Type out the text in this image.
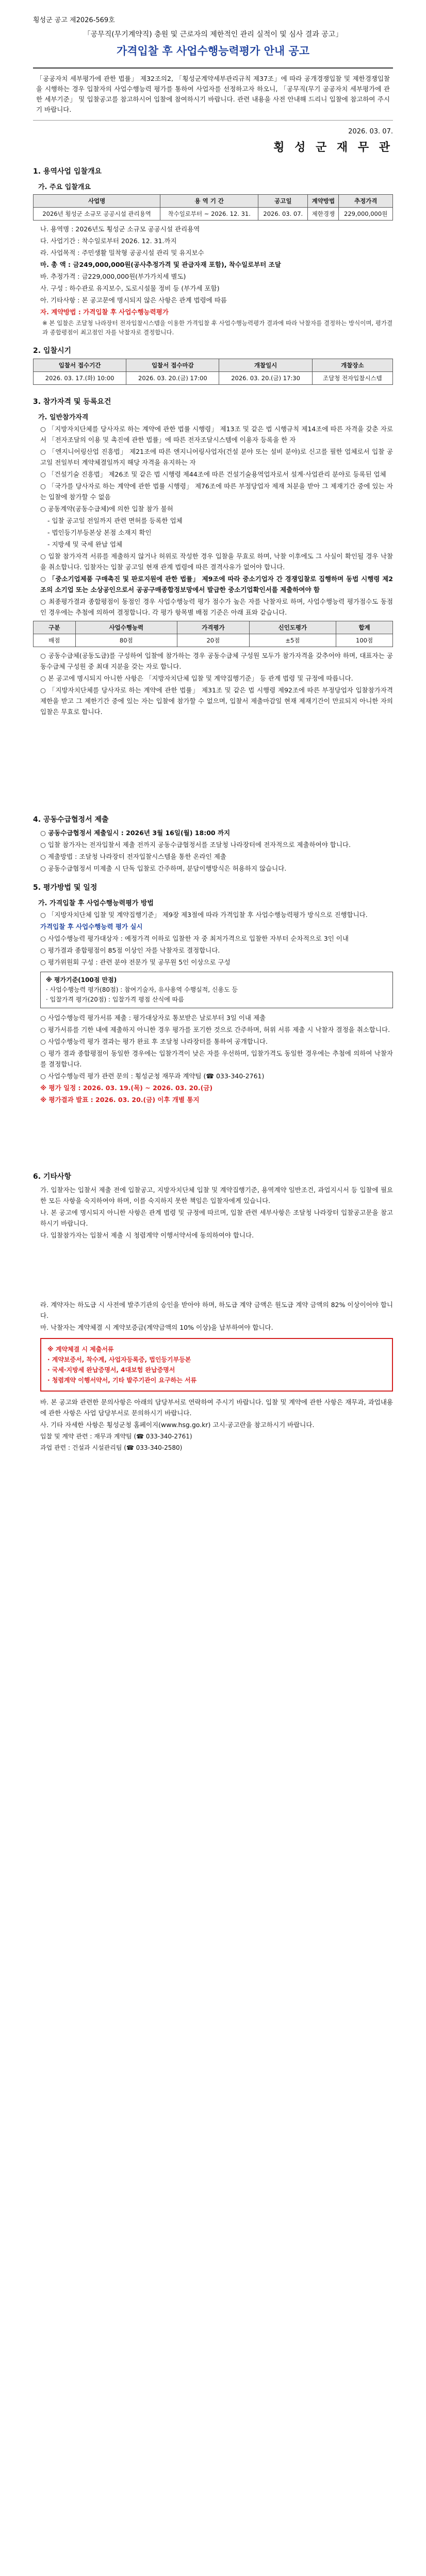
횡성군 공고 제2026-569호

「공무직(무기계약직) 충원 및 근로자의 제한적인 관리 실적이 및 심사 결과 공고」

가격입찰 후 사업수행능력평가 안내 공고
「공공자치 세부평가에 관한 법률」 제32조의2, 「횡성군계약세부관리규칙 제37조」에 따라 공개경쟁입찰 및 제한경쟁입찰을 시행하는 경우 입찰자의 사업수행능력 평가를 통하여 사업자를 선정하고자 하오니, 「공무직(무기 공공자치 세부평가에 관한 세부기준」 및 입찰공고를 참고하시어 입찰에 참여하시기 바랍니다. 관련 내용을 사전 안내해 드리니 입찰에 참고하여 주시기 바랍니다.
2026. 03. 07.
횡 성 군 재 무 관
1. 용역사업 입찰개요
가. 주요 입찰개요
사업명	용 역 기 간	공고일	계약방법	추정가격
2026년 횡성군 소규모 공공시설 관리용역	착수일로부터 ~ 2026. 12. 31.	2026. 03. 07.	제한경쟁	229,000,000원
나. 용역명 : 2026년도 횡성군 소규모 공공시설 관리용역
다. 사업기간 : 착수일로부터 2026. 12. 31.까지
라. 사업목적 : 주민생활 밀착형 공공시설 관리 및 유지보수
마. 총 액 : 금249,000,000원(공사추정가격 및 관급자재 포함), 착수일로부터 조달
바. 추정가격 : 금229,000,000원(부가가치세 별도)
사. 구성 : 하수관로 유지보수, 도로시설물 정비 등 (부가세 포함)
아. 기타사항 : 본 공고문에 명시되지 않은 사항은 관계 법령에 따름
자. 계약방법 : 가격입찰 후 사업수행능력평가
※ 본 입찰은 조달청 나라장터 전자입찰시스템을 이용한 가격입찰 후 사업수행능력평가 결과에 따라 낙찰자를 결정하는 방식이며, 평가결과 종합평점이 최고점인 자를 낙찰자로 결정합니다.
2. 입찰시기
입찰서 접수기간	입찰서 접수마감	개찰일시	개찰장소
2026. 03. 17.(화) 10:00	2026. 03. 20.(금) 17:00	2026. 03. 20.(금) 17:30	조달청 전자입찰시스템
3. 참가자격 및 등록요건
가. 일반참가자격
○ 「지방자치단체를 당사자로 하는 계약에 관한 법률 시행령」 제13조 및 같은 법 시행규칙 제14조에 따른 자격을 갖춘 자로서 「전자조달의 이용 및 촉진에 관한 법률」에 따른 전자조달시스템에 이용자 등록을 한 자
○ 「엔지니어링산업 진흥법」 제21조에 따른 엔지니어링사업자(건설 분야 또는 설비 분야)로 신고를 필한 업체로서 입찰 공고일 전일부터 계약체결일까지 해당 자격을 유지하는 자
○ 「건설기술 진흥법」 제26조 및 같은 법 시행령 제44조에 따른 건설기술용역업자로서 설계·사업관리 분야로 등록된 업체
○ 「국가를 당사자로 하는 계약에 관한 법률 시행령」 제76조에 따른 부정당업자 제재 처분을 받아 그 제재기간 중에 있는 자는 입찰에 참가할 수 없음
○ 공동계약(공동수급체)에 의한 입찰 참가 불허
- 입찰 공고일 전일까지 관련 면허를 등록한 업체
- 법인등기부등본상 본점 소재지 확인
- 지방세 및 국세 완납 업체
○ 입찰 참가자격 서류를 제출하지 않거나 허위로 작성한 경우 입찰을 무효로 하며, 낙찰 이후에도 그 사실이 확인될 경우 낙찰을 취소합니다. 입찰자는 입찰 공고일 현재 관계 법령에 따른 결격사유가 없어야 합니다.
○ 「중소기업제품 구매촉진 및 판로지원에 관한 법률」 제9조에 따라 중소기업자 간 경쟁입찰로 집행하며 동법 시행령 제2조의 소기업 또는 소상공인으로서 공공구매종합정보망에서 발급한 중소기업확인서를 제출하여야 함
○ 최종평가결과 종합평점이 동점인 경우 사업수행능력 평가 점수가 높은 자를 낙찰자로 하며, 사업수행능력 평가점수도 동점인 경우에는 추첨에 의하여 결정합니다. 각 평가 항목별 배점 기준은 아래 표와 같습니다.
구분	사업수행능력	가격평가	신인도평가	합계
배점	80점	20점	±5점	100점
○ 공동수급체(공동도급)를 구성하여 입찰에 참가하는 경우 공동수급체 구성원 모두가 참가자격을 갖추어야 하며, 대표자는 공동수급체 구성원 중 최대 지분을 갖는 자로 합니다.
○ 본 공고에 명시되지 아니한 사항은 「지방자치단체 입찰 및 계약집행기준」 등 관계 법령 및 규정에 따릅니다.
○ 「지방자치단체를 당사자로 하는 계약에 관한 법률」 제31조 및 같은 법 시행령 제92조에 따른 부정당업자 입찰참가자격 제한을 받고 그 제한기간 중에 있는 자는 입찰에 참가할 수 없으며, 입찰서 제출마감일 현재 제재기간이 만료되지 아니한 자의 입찰은 무효로 합니다.
4. 공동수급협정서 제출
○ 공동수급협정서 제출일시 : 2026년 3월 16일(월) 18:00 까지
○ 입찰 참가자는 전자입찰서 제출 전까지 공동수급협정서를 조달청 나라장터에 전자적으로 제출하여야 합니다.
○ 제출방법 : 조달청 나라장터 전자입찰시스템을 통한 온라인 제출
○ 공동수급협정서 미제출 시 단독 입찰로 간주하며, 분담이행방식은 허용하지 않습니다.
5. 평가방법 및 일정
가. 가격입찰 후 사업수행능력평가 방법
○ 「지방자치단체 입찰 및 계약집행기준」 제9장 제3절에 따라 가격입찰 후 사업수행능력평가 방식으로 진행합니다.
가격입찰 후 사업수행능력 평가 실시
○ 사업수행능력 평가대상자 : 예정가격 이하로 입찰한 자 중 최저가격으로 입찰한 자부터 순차적으로 3인 이내
○ 평가결과 종합평점이 85점 이상인 자를 낙찰자로 결정합니다.
○ 평가위원회 구성 : 관련 분야 전문가 및 공무원 5인 이상으로 구성
※ 평가기준(100점 만점)
· 사업수행능력 평가(80점) : 참여기술자, 유사용역 수행실적, 신용도 등
· 입찰가격 평가(20점) : 입찰가격 평점 산식에 따름
○ 사업수행능력 평가서류 제출 : 평가대상자로 통보받은 날로부터 3일 이내 제출
○ 평가서류를 기한 내에 제출하지 아니한 경우 평가를 포기한 것으로 간주하며, 허위 서류 제출 시 낙찰자 결정을 취소합니다.
○ 사업수행능력 평가 결과는 평가 완료 후 조달청 나라장터를 통하여 공개합니다.
○ 평가 결과 종합평점이 동일한 경우에는 입찰가격이 낮은 자를 우선하며, 입찰가격도 동일한 경우에는 추첨에 의하여 낙찰자를 결정합니다.
○ 사업수행능력 평가 관련 문의 : 횡성군청 재무과 계약팀 (☎ 033-340-2761)
※ 평가 일정 : 2026. 03. 19.(목) ~ 2026. 03. 20.(금)
※ 평가결과 발표 : 2026. 03. 20.(금) 이후 개별 통지
6. 기타사항
가. 입찰자는 입찰서 제출 전에 입찰공고, 지방자치단체 입찰 및 계약집행기준, 용역계약 일반조건, 과업지시서 등 입찰에 필요한 모든 사항을 숙지하여야 하며, 이를 숙지하지 못한 책임은 입찰자에게 있습니다.
나. 본 공고에 명시되지 아니한 사항은 관계 법령 및 규정에 따르며, 입찰 관련 세부사항은 조달청 나라장터 입찰공고문을 참고하시기 바랍니다.
다. 입찰참가자는 입찰서 제출 시 청렴계약 이행서약서에 동의하여야 합니다.
라. 계약자는 하도급 시 사전에 발주기관의 승인을 받아야 하며, 하도급 계약 금액은 원도급 계약 금액의 82% 이상이어야 합니다.
마. 낙찰자는 계약체결 시 계약보증금(계약금액의 10% 이상)을 납부하여야 합니다.
※ 계약체결 시 제출서류
· 계약보증서, 착수계, 사업자등록증, 법인등기부등본
· 국세·지방세 완납증명서, 4대보험 완납증명서
· 청렴계약 이행서약서, 기타 발주기관이 요구하는 서류
바. 본 공고와 관련한 문의사항은 아래의 담당부서로 연락하여 주시기 바랍니다. 입찰 및 계약에 관한 사항은 재무과, 과업내용에 관한 사항은 사업 담당부서로 문의하시기 바랍니다.
사. 기타 자세한 사항은 횡성군청 홈페이지(www.hsg.go.kr) 고시·공고란을 참고하시기 바랍니다.
입찰 및 계약 관련 : 재무과 계약팀 (☎ 033-340-2761)
과업 관련 : 건설과 시설관리팀 (☎ 033-340-2580)
